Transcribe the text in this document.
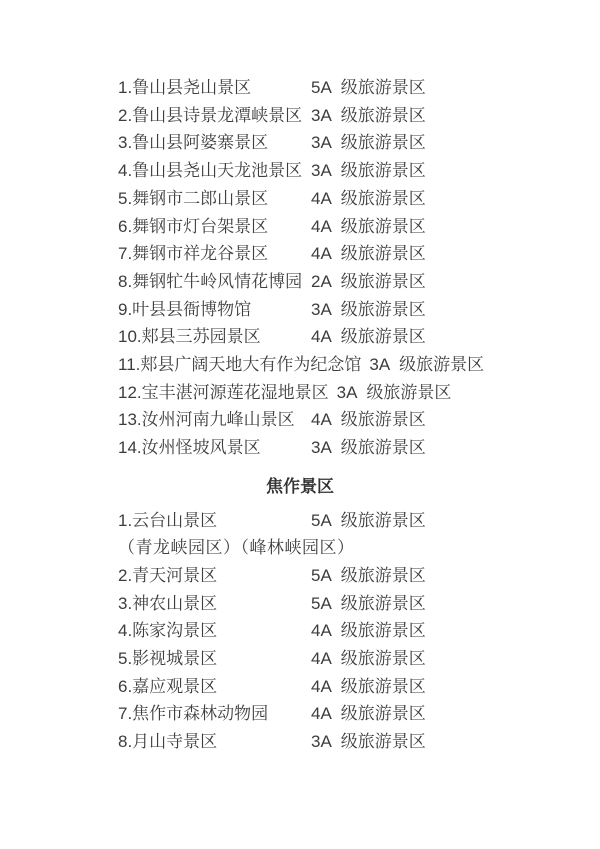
1.鲁山县尧山景区	5A 级旅游景区
2.鲁山县诗景龙潭峡景区 3A 级旅游景区
3.鲁山县阿婆寨景区	3A 级旅游景区
4.鲁山县尧山天龙池景区 3A 级旅游景区
5.舞钢市二郎山景区	4A 级旅游景区
6.舞钢市灯台架景区	4A 级旅游景区
7.舞钢市祥龙谷景区	4A 级旅游景区
8.舞钢牤牛岭风情花博园 2A 级旅游景区
9.叶县县衙博物馆	3A 级旅游景区
10.郏县三苏园景区	4A 级旅游景区
11.郏县广阔天地大有作为纪念馆 3A 级旅游景区
12.宝丰湛河源莲花湿地景区 3A 级旅游景区
13.汝州河南九峰山景区 4A 级旅游景区
14.汝州怪坡风景区	3A 级旅游景区
焦作景区
1.云台山景区	5A 级旅游景区
（青龙峡园区）（峰林峡园区）
2.青天河景区	5A 级旅游景区
3.神农山景区	5A 级旅游景区
4.陈家沟景区	4A 级旅游景区
5.影视城景区	4A 级旅游景区
6.嘉应观景区	4A 级旅游景区
7.焦作市森林动物园	4A 级旅游景区
8.月山寺景区	3A 级旅游景区
